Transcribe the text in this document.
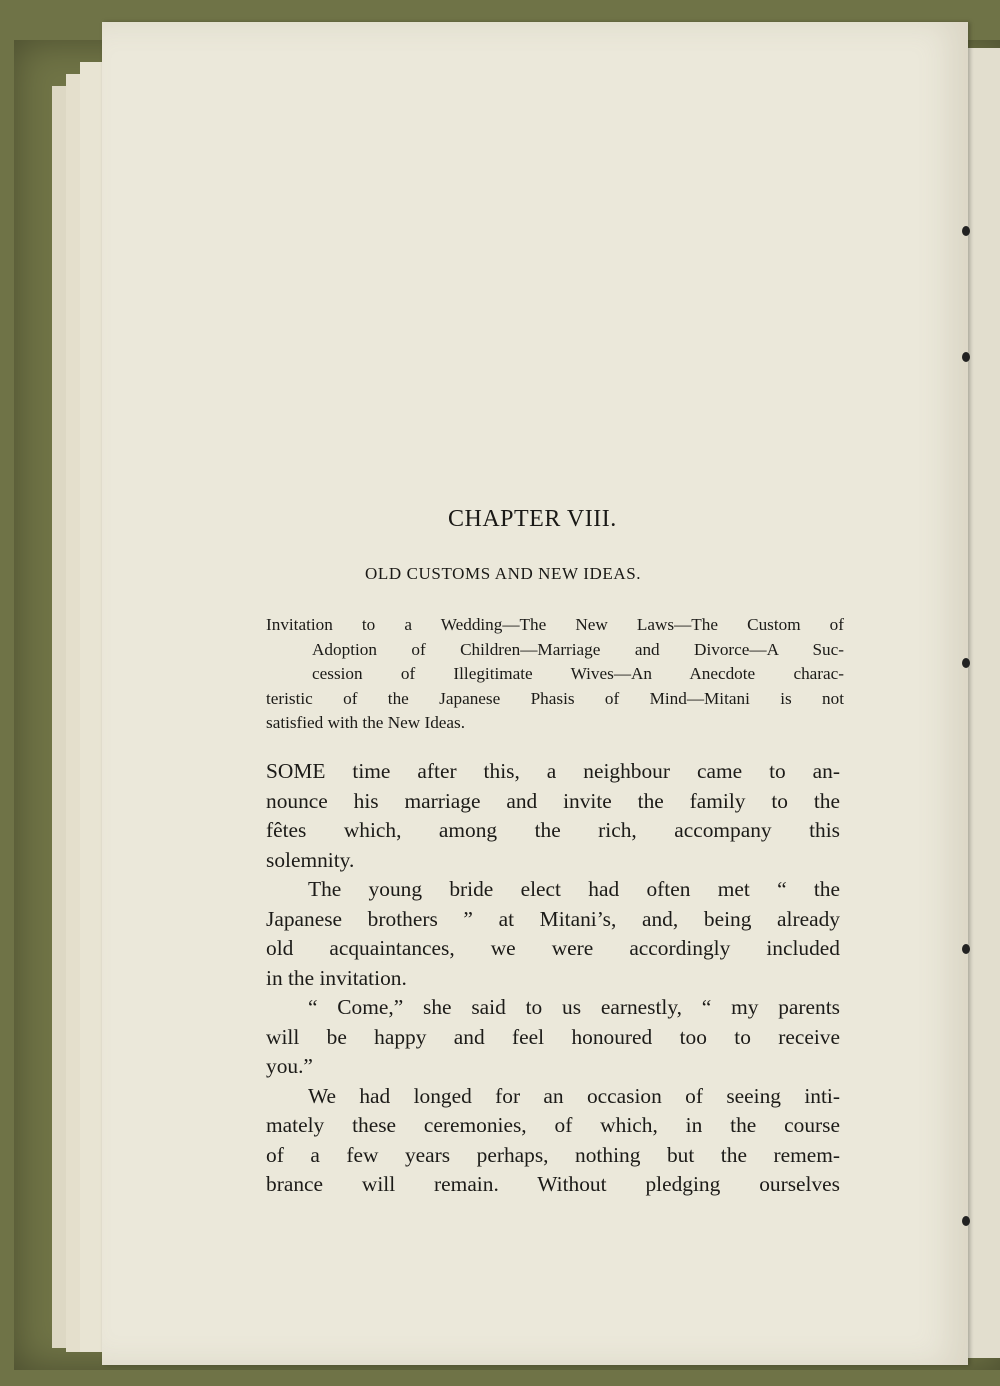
CHAPTER VIII.
OLD CUSTOMS AND NEW IDEAS.
Invitation to a Wedding—The New Laws—The Custom of
Adoption of Children—Marriage and Divorce—A Suc-
cession of Illegitimate Wives—An Anecdote charac-
teristic of the Japanese Phasis of Mind—Mitani is not
satisfied with the New Ideas.
SOME time after this, a neighbour came to an-
nounce his marriage and invite the family to the
fêtes which, among the rich, accompany this
solemnity.
The young bride elect had often met “ the
Japanese brothers ” at Mitani’s, and, being already
old acquaintances, we were accordingly included
in the invitation.
“ Come,” she said to us earnestly, “ my parents
will be happy and feel honoured too to receive
you.”
We had longed for an occasion of seeing inti-
mately these ceremonies, of which, in the course
of a few years perhaps, nothing but the remem-
brance will remain. Without pledging ourselves
